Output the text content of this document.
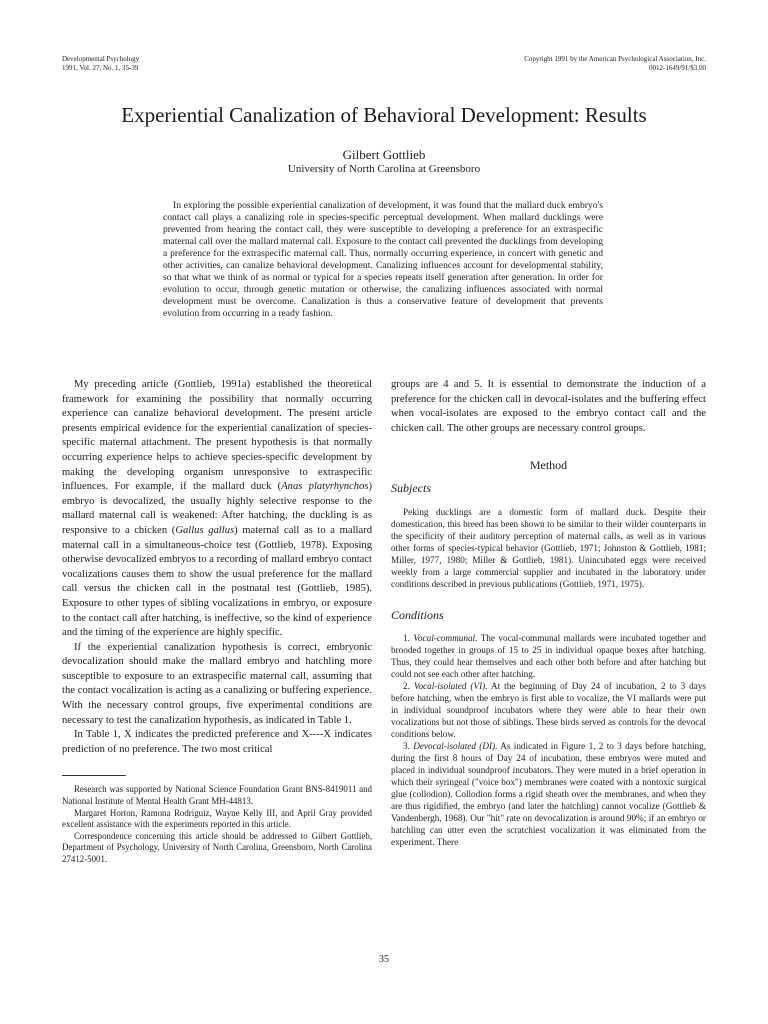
Developmental Psychology
1991, Vol. 27, No. 1, 35-39
Copyright 1991 by the American Psychological Association, Inc.
0012-1649/91/$3.00
Experiential Canalization of Behavioral Development: Results
Gilbert Gottlieb
University of North Carolina at Greensboro

In exploring the possible experiential canalization of development, it was found that the mallard duck embryo's contact call plays a canalizing role in species-specific perceptual development. When mallard ducklings were prevented from hearing the contact call, they were susceptible to developing a preference for an extraspecific maternal call over the mallard maternal call. Exposure to the contact call prevented the ducklings from developing a preference for the extraspecific maternal call. Thus, normally occurring experience, in concert with genetic and other activities, can canalize behavioral development. Canalizing influences account for developmental stability, so that what we think of as normal or typical for a species repeats itself generation after generation. In order for evolution to occur, through genetic mutation or otherwise, the canalizing influences associated with normal development must be overcome. Canalization is thus a conservative feature of development that prevents evolution from occurring in a ready fashion.

My preceding article (Gottlieb, 1991a) established the theoretical framework for examining the possibility that normally occurring experience can canalize behavioral development. The present article presents empirical evidence for the experiential canalization of species-specific maternal attachment. The present hypothesis is that normally occurring experience helps to achieve species-specific development by making the developing organism unresponsive to extraspecific influences. For example, if the mallard duck (Anas platyrhynchos) embryo is devocalized, the usually highly selective response to the mallard maternal call is weakened: After hatching, the duckling is as responsive to a chicken (Gallus gallus) maternal call as to a mallard maternal call in a simultaneous-choice test (Gottlieb, 1978). Exposing otherwise devocalized embryos to a recording of mallard embryo contact vocalizations causes them to show the usual preference for the mallard call versus the chicken call in the postnatal test (Gottlieb, 1985). Exposure to other types of sibling vocalizations in embryo, or exposure to the contact call after hatching, is ineffective, so the kind of experience and the timing of the experience are highly specific.

If the experiential canalization hypothesis is correct, embryonic devocalization should make the mallard embryo and hatchling more susceptible to exposure to an extraspecific maternal call, assuming that the contact vocalization is acting as a canalizing or buffering experience. With the necessary control groups, five experimental conditions are necessary to test the canalization hypothesis, as indicated in Table 1.

In Table 1, X indicates the predicted preference and X----X indicates prediction of no preference. The two most critical

Research was supported by National Science Foundation Grant BNS-8419011 and National Institute of Mental Health Grant MH-44813.

Margaret Horton, Ramona Rodriguiz, Wayne Kelly III, and April Gray provided excellent assistance with the experiments reported in this article.

Correspondence concerning this article should be addressed to Gilbert Gottlieb, Department of Psychology, University of North Carolina, Greensboro, North Carolina 27412-5001.

groups are 4 and 5. It is essential to demonstrate the induction of a preference for the chicken call in devocal-isolates and the buffering effect when vocal-isolates are exposed to the embryo contact call and the chicken call. The other groups are necessary control groups.

Method
Subjects

Peking ducklings are a domestic form of mallard duck. Despite their domestication, this breed has been shown to be similar to their wilder counterparts in the specificity of their auditory perception of maternal calls, as well as in various other forms of species-typical behavior (Gottlieb, 1971; Johnston & Gottlieb, 1981; Miller, 1977, 1980; Miller & Gottlieb, 1981). Unincubated eggs were received weekly from a large commercial supplier and incubated in the laboratory under conditions described in previous publications (Gottlieb, 1971, 1975).

Conditions

1. Vocal-communal. The vocal-communal mallards were incubated together and brooded together in groups of 15 to 25 in individual opaque boxes after hatching. Thus, they could hear themselves and each other both before and after hatching but could not see each other after hatching.

2. Vocal-isolated (VI). At the beginning of Day 24 of incubation, 2 to 3 days before hatching, when the embryo is first able to vocalize, the VI mallards were put in individual soundproof incubators where they were able to hear their own vocalizations but not those of siblings. These birds served as controls for the devocal conditions below.

3. Devocal-isolated (DI). As indicated in Figure 1, 2 to 3 days before hatching, during the first 8 hours of Day 24 of incubation, these embryos were muted and placed in individual soundproof incubators. They were muted in a brief operation in which their syringeal ("voice box") membranes were coated with a nontoxic surgical glue (collodion). Collodion forms a rigid sheath over the membranes, and when they are thus rigidified, the embryo (and later the hatchling) cannot vocalize (Gottlieb & Vandenbergh, 1968). Our "hit" rate on devocalization is around 90%; if an embryo or hatchling can utter even the scratchiest vocalization it was eliminated from the experiment. There

35
